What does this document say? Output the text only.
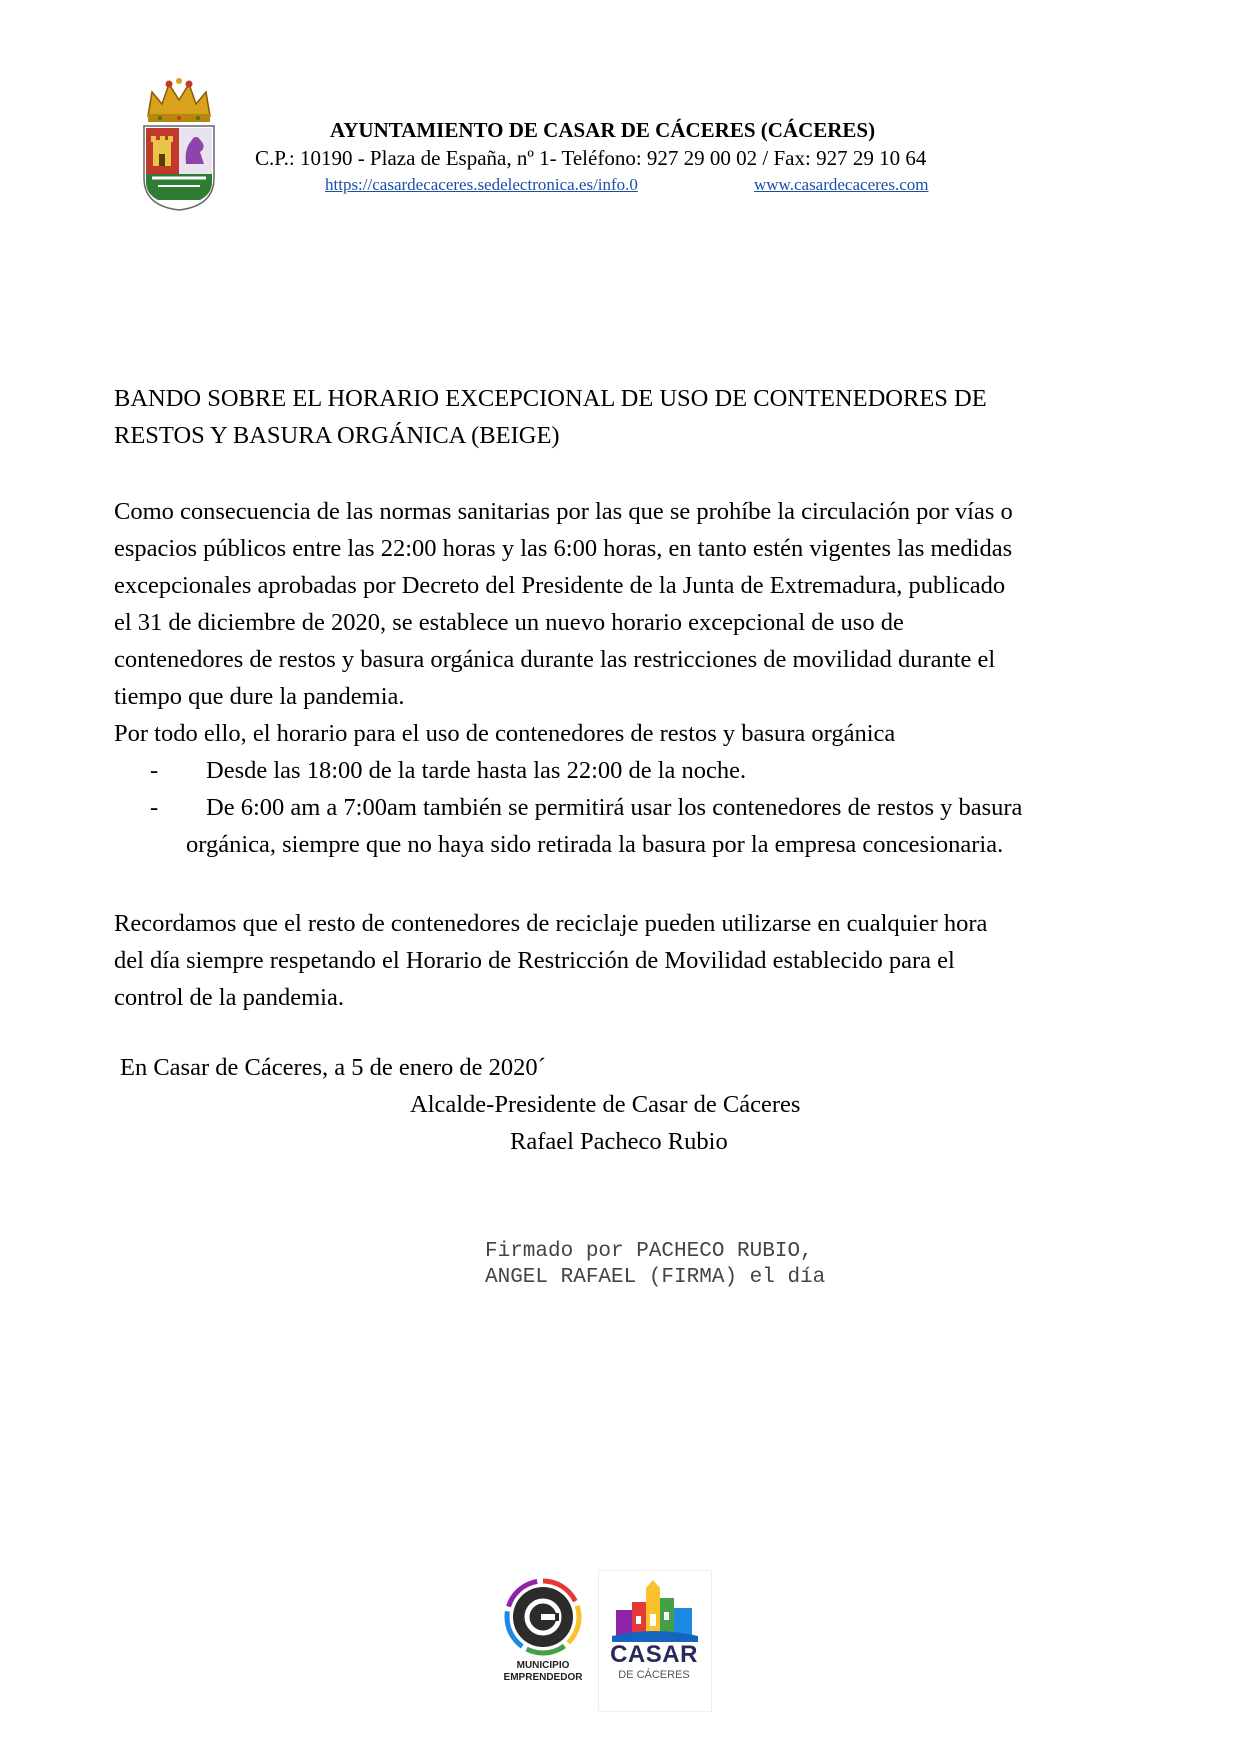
AYUNTAMIENTO DE CASAR DE CÁCERES (CÁCERES)
C.P.: 10190 - Plaza de España, nº 1- Teléfono: 927 29 00 02 / Fax: 927 29 10 64
https://casardecaceres.sedelectronica.es/info.0	www.casardecaceres.com
BANDO SOBRE EL HORARIO EXCEPCIONAL DE USO DE CONTENEDORES DE
RESTOS Y BASURA ORGÁNICA (BEIGE)
Como consecuencia de las normas sanitarias por las que se prohíbe la circulación por vías o
espacios públicos entre las 22:00 horas y las 6:00 horas, en tanto estén vigentes las medidas
excepcionales aprobadas por Decreto del Presidente de la Junta de Extremadura, publicado
el 31 de diciembre de 2020, se establece un nuevo horario excepcional de uso de
contenedores de restos y basura orgánica durante las restricciones de movilidad durante el
tiempo que dure la pandemia.
Por todo ello, el horario para el uso de contenedores de restos y basura orgánica
- Desde las 18:00 de la tarde hasta las 22:00 de la noche.
- De 6:00 am a 7:00am también se permitirá usar los contenedores de restos y basura
orgánica, siempre que no haya sido retirada la basura por la empresa concesionaria.
Recordamos que el resto de contenedores de reciclaje pueden utilizarse en cualquier hora
del día siempre respetando el Horario de Restricción de Movilidad establecido para el
control de la pandemia.
En Casar de Cáceres, a 5 de enero de 2020´
Alcalde-Presidente de Casar de Cáceres
Rafael Pacheco Rubio
Firmado por PACHECO RUBIO,
ANGEL RAFAEL (FIRMA) el día
MUNICIPIO
EMPRENDEDOR
CASAR
DE CÁCERES
